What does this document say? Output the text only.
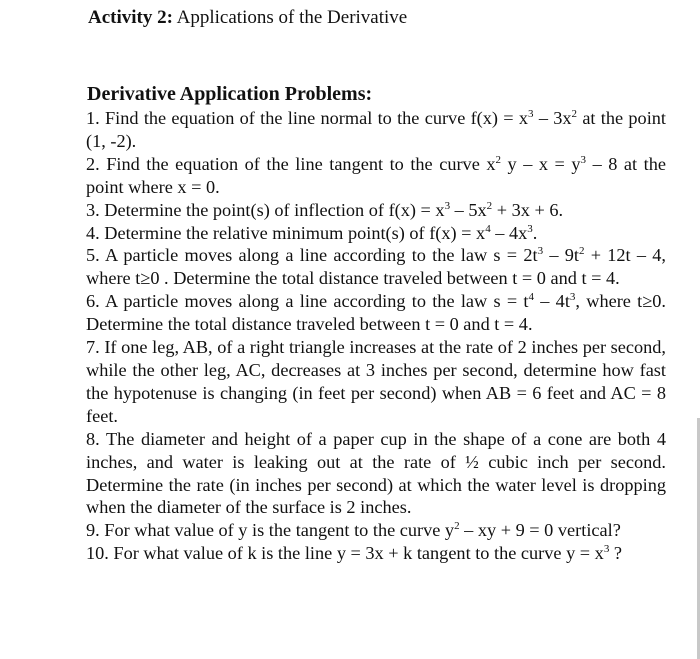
Activity 2: Applications of the Derivative
Derivative Application Problems:

1. Find the equation of the line normal to the curve $f(x) = x^3 - 3x^2$ at the point (1, -2).

2. Find the equation of the line tangent to the curve $x^2$ $y - x = y^3 - 8$ at the point where x = 0.

3. Determine the point(s) of inflection of $f(x) = x^3 - 5x^2 + 3x + 6$.

4. Determine the relative minimum point(s) of $f(x) = x^4 - 4x^3$.

5. A particle moves along a line according to the law $s = 2t^3 - 9t^2 + 12t - 4$, where t≥0 . Determine the total distance traveled between t = 0 and t = 4.

6. A particle moves along a line according to the law $s = t^4 - 4t^3$, where t≥0. Determine the total distance traveled between t = 0 and t = 4.

7. If one leg, AB, of a right triangle increases at the rate of 2 inches per second, while the other leg, AC, decreases at 3 inches per second, determine how fast the hypotenuse is changing (in feet per second) when AB = 6 feet and AC = 8 feet.

8. The diameter and height of a paper cup in the shape of a cone are both 4 inches, and water is leaking out at the rate of ½ cubic inch per second. Determine the rate (in inches per second) at which the water level is dropping when the diameter of the surface is 2 inches.

9. For what value of y is the tangent to the curve $y^2$ – xy + 9 = 0 vertical?

10. For what value of k is the line y = 3x + k tangent to the curve $y = x^3$ ?
